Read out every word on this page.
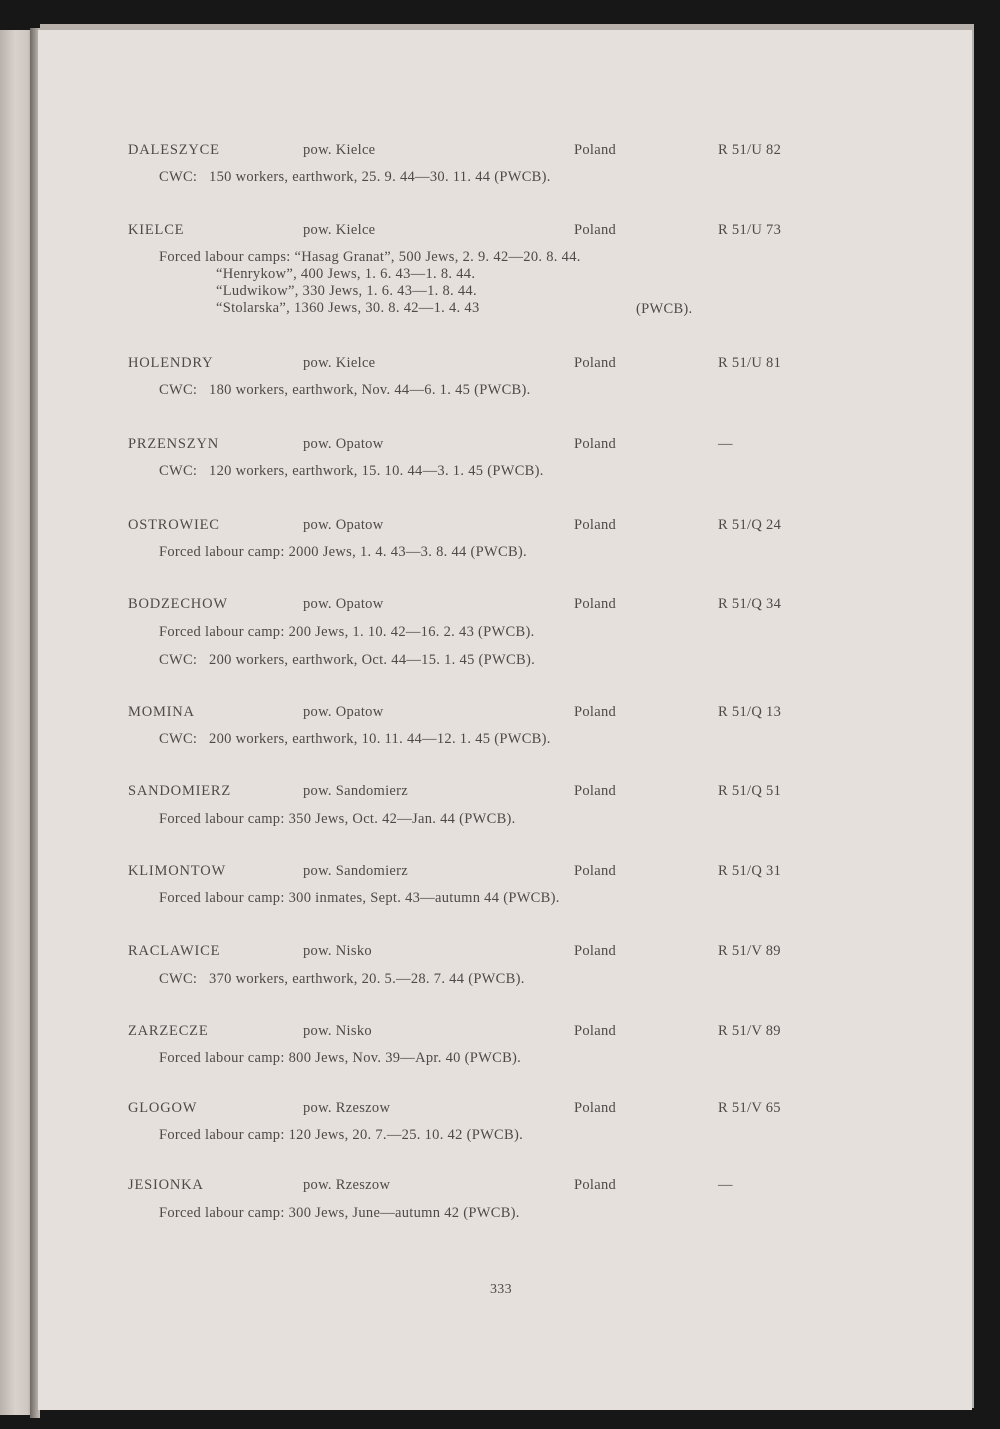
DALESZYCE	pow. Kielce	Poland	R 51/U 82
CWC:   150 workers, earthwork, 25. 9. 44—30. 11. 44 (PWCB).
KIELCE	pow. Kielce	Poland	R 51/U 73
Forced labour camps: “Hasag Granat”, 500 Jews, 2. 9. 42—20. 8. 44.
“Henrykow”, 400 Jews, 1. 6. 43—1. 8. 44.
“Ludwikow”, 330 Jews, 1. 6. 43—1. 8. 44.
“Stolarska”, 1360 Jews, 30. 8. 42—1. 4. 43	(PWCB).
HOLENDRY	pow. Kielce	Poland	R 51/U 81
CWC:   180 workers, earthwork, Nov. 44—6. 1. 45 (PWCB).
PRZENSZYN	pow. Opatow	Poland	—
CWC:   120 workers, earthwork, 15. 10. 44—3. 1. 45 (PWCB).
OSTROWIEC	pow. Opatow	Poland	R 51/Q 24
Forced labour camp: 2000 Jews, 1. 4. 43—3. 8. 44 (PWCB).
BODZECHOW	pow. Opatow	Poland	R 51/Q 34
Forced labour camp: 200 Jews, 1. 10. 42—16. 2. 43 (PWCB).
CWC:   200 workers, earthwork, Oct. 44—15. 1. 45 (PWCB).
MOMINA	pow. Opatow	Poland	R 51/Q 13
CWC:   200 workers, earthwork, 10. 11. 44—12. 1. 45 (PWCB).
SANDOMIERZ	pow. Sandomierz	Poland	R 51/Q 51
Forced labour camp: 350 Jews, Oct. 42—Jan. 44 (PWCB).
KLIMONTOW	pow. Sandomierz	Poland	R 51/Q 31
Forced labour camp: 300 inmates, Sept. 43—autumn 44 (PWCB).
RACLAWICE	pow. Nisko	Poland	R 51/V 89
CWC:   370 workers, earthwork, 20. 5.—28. 7. 44 (PWCB).
ZARZECZE	pow. Nisko	Poland	R 51/V 89
Forced labour camp: 800 Jews, Nov. 39—Apr. 40 (PWCB).
GLOGOW	pow. Rzeszow	Poland	R 51/V 65
Forced labour camp: 120 Jews, 20. 7.—25. 10. 42 (PWCB).
JESIONKA	pow. Rzeszow	Poland	—
Forced labour camp: 300 Jews, June—autumn 42 (PWCB).
333
